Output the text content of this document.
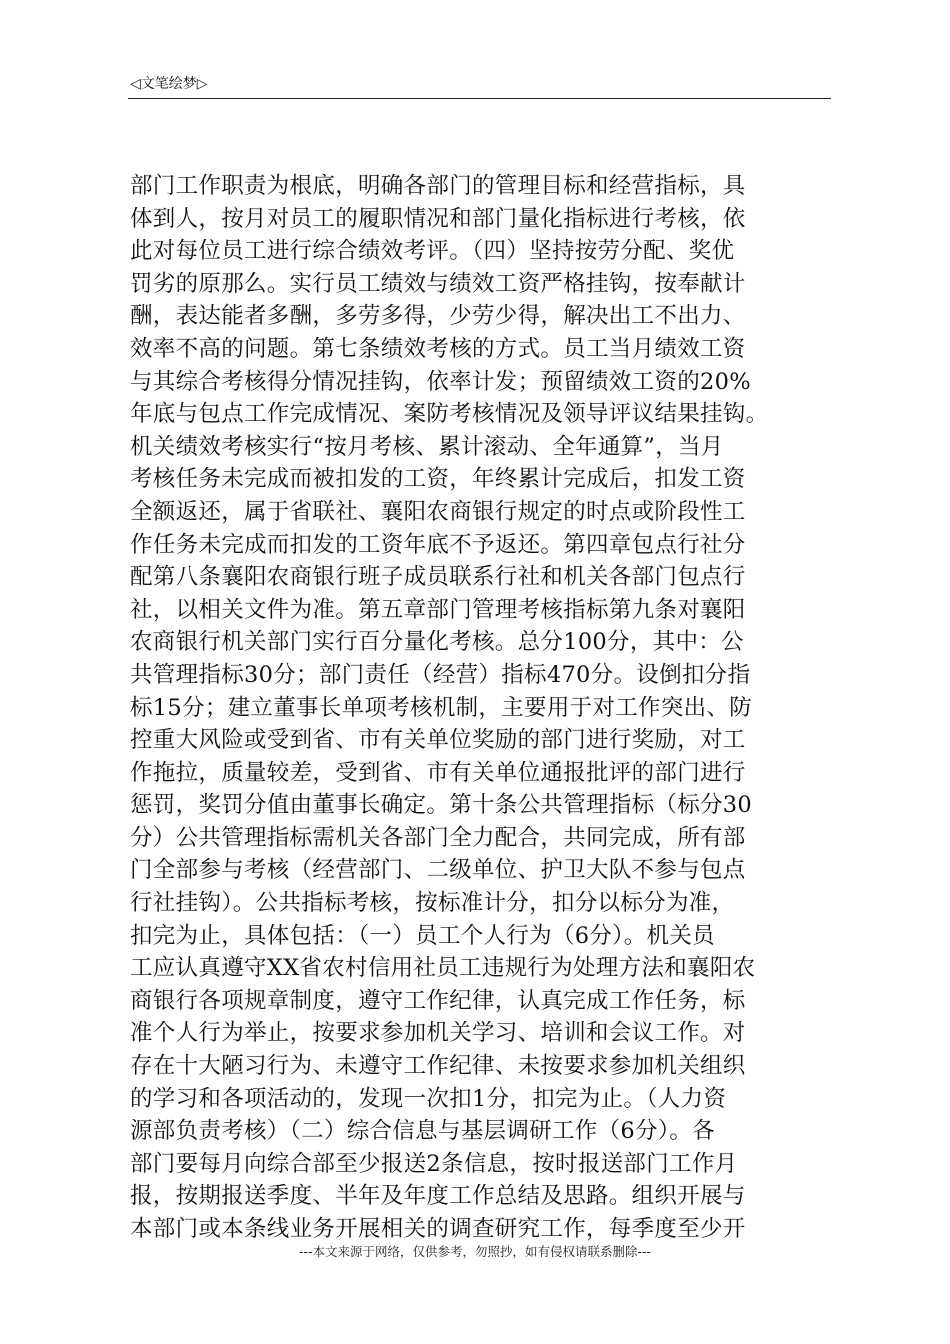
◁文笔绘梦▷
部门工作职责为根底，明确各部门的管理目标和经营指标，具
体到人，按月对员工的履职情况和部门量化指标进行考核，依
此对每位员工进行综合绩效考评。（四）坚持按劳分配、奖优
罚劣的原那么。实行员工绩效与绩效工资严格挂钩，按奉献计
酬，表达能者多酬，多劳多得，少劳少得，解决出工不出力、
效率不高的问题。第七条绩效考核的方式。员工当月绩效工资
与其综合考核得分情况挂钩，依率计发；预留绩效工资的20%
年底与包点工作完成情况、案防考核情况及领导评议结果挂钩。
机关绩效考核实行“按月考核、累计滚动、全年通算”，当月
考核任务未完成而被扣发的工资，年终累计完成后，扣发工资
全额返还，属于省联社、襄阳农商银行规定的时点或阶段性工
作任务未完成而扣发的工资年底不予返还。第四章包点行社分
配第八条襄阳农商银行班子成员联系行社和机关各部门包点行
社，以相关文件为准。第五章部门管理考核指标第九条对襄阳
农商银行机关部门实行百分量化考核。总分100分，其中：公
共管理指标30分；部门责任（经营）指标470分。设倒扣分指
标15分；建立董事长单项考核机制，主要用于对工作突出、防
控重大风险或受到省、市有关单位奖励的部门进行奖励，对工
作拖拉，质量较差，受到省、市有关单位通报批评的部门进行
惩罚，奖罚分值由董事长确定。第十条公共管理指标（标分30
分）公共管理指标需机关各部门全力配合，共同完成，所有部
门全部参与考核（经营部门、二级单位、护卫大队不参与包点
行社挂钩）。公共指标考核，按标准计分，扣分以标分为准，
扣完为止，具体包括：（一）员工个人行为（6分）。机关员
工应认真遵守XX省农村信用社员工违规行为处理方法和襄阳农
商银行各项规章制度，遵守工作纪律，认真完成工作任务，标
准个人行为举止，按要求参加机关学习、培训和会议工作。对
存在十大陋习行为、未遵守工作纪律、未按要求参加机关组织
的学习和各项活动的，发现一次扣1分，扣完为止。（人力资
源部负责考核）（二）综合信息与基层调研工作（6分）。各
部门要每月向综合部至少报送2条信息，按时报送部门工作月
报，按期报送季度、半年及年度工作总结及思路。组织开展与
本部门或本条线业务开展相关的调查研究工作，每季度至少开
---本文来源于网络，仅供参考，勿照抄，如有侵权请联系删除---
